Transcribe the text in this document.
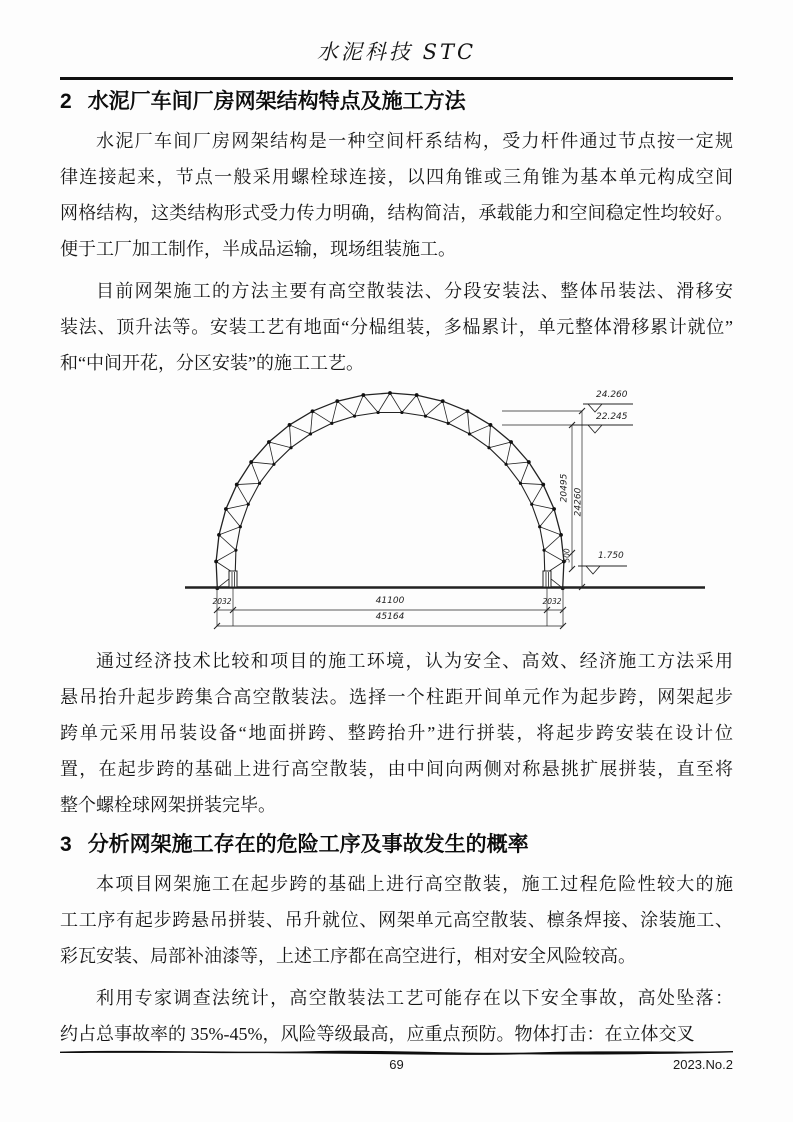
水泥科技 STC
2 水泥厂车间厂房网架结构特点及施工方法
水泥厂车间厂房网架结构是一种空间杆系结构，受力杆件通过节点按一定规
律连接起来，节点一般采用螺栓球连接，以四角锥或三角锥为基本单元构成空间
网格结构，这类结构形式受力传力明确，结构简洁，承载能力和空间稳定性均较好。
便于工厂加工制作，半成品运输，现场组装施工。
目前网架施工的方法主要有高空散装法、分段安装法、整体吊装法、滑移安
装法、顶升法等。安装工艺有地面“分榀组装，多榀累计，单元整体滑移累计就位”
和“中间开花，分区安装”的施工工艺。
24.260
22.245
1.750
20495 24260
500
2032	41100	2032
45164
通过经济技术比较和项目的施工环境，认为安全、高效、经济施工方法采用
悬吊抬升起步跨集合高空散装法。选择一个柱距开间单元作为起步跨，网架起步
跨单元采用吊装设备“地面拼跨、整跨抬升”进行拼装，将起步跨安装在设计位
置，在起步跨的基础上进行高空散装，由中间向两侧对称悬挑扩展拼装，直至将
整个螺栓球网架拼装完毕。
3 分析网架施工存在的危险工序及事故发生的概率
本项目网架施工在起步跨的基础上进行高空散装，施工过程危险性较大的施
工工序有起步跨悬吊拼装、吊升就位、网架单元高空散装、檩条焊接、涂装施工、
彩瓦安装、局部补油漆等，上述工序都在高空进行，相对安全风险较高。
利用专家调查法统计，高空散装法工艺可能存在以下安全事故，高处坠落：
约占总事故率的 35%-45%，风险等级最高，应重点预防。物体打击：在立体交叉
69	2023.No.2
